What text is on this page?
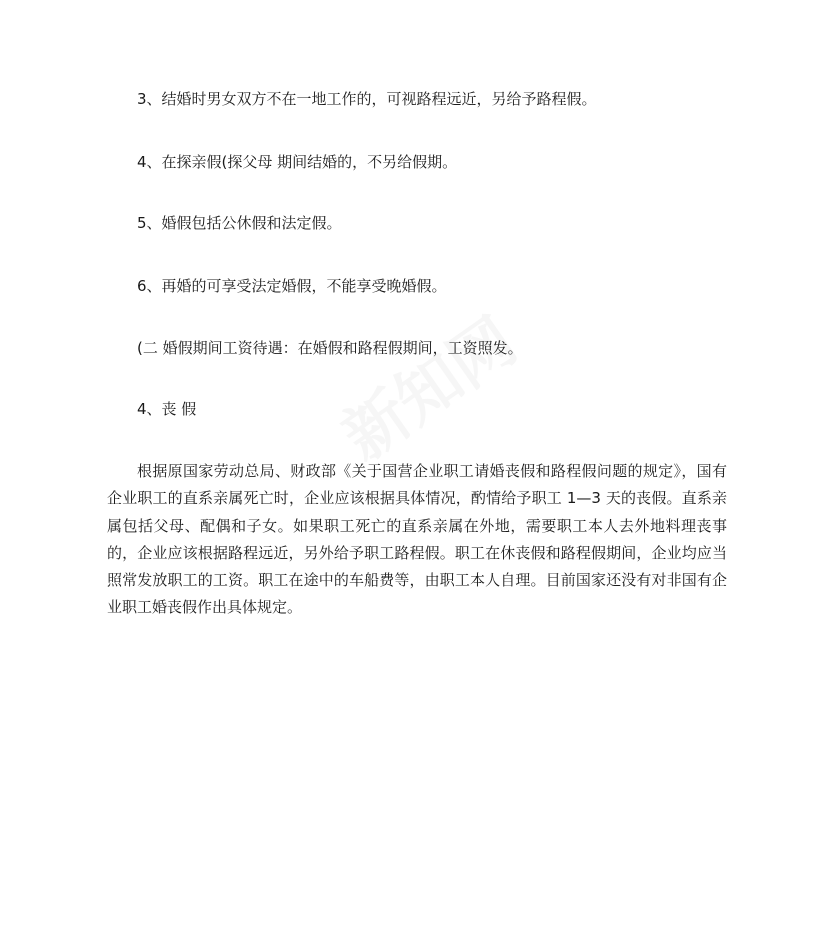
3、结婚时男女双方不在一地工作的，可视路程远近，另给予路程假。
4、在探亲假(探父母 期间结婚的，不另给假期。
5、婚假包括公休假和法定假。
6、再婚的可享受法定婚假，不能享受晚婚假。
(二 婚假期间工资待遇：在婚假和路程假期间，工资照发。
4、丧 假
根据原国家劳动总局、财政部《关于国营企业职工请婚丧假和路程假问题的规定》，国有企业职工的直系亲属死亡时，企业应该根据具体情况，酌情给予职工 1—3 天的丧假。直系亲属包括父母、配偶和子女。如果职工死亡的直系亲属在外地，需要职工本人去外地料理丧事的，企业应该根据路程远近，另外给予职工路程假。职工在休丧假和路程假期间，企业均应当照常发放职工的工资。职工在途中的车船费等，由职工本人自理。目前国家还没有对非国有企业职工婚丧假作出具体规定。
